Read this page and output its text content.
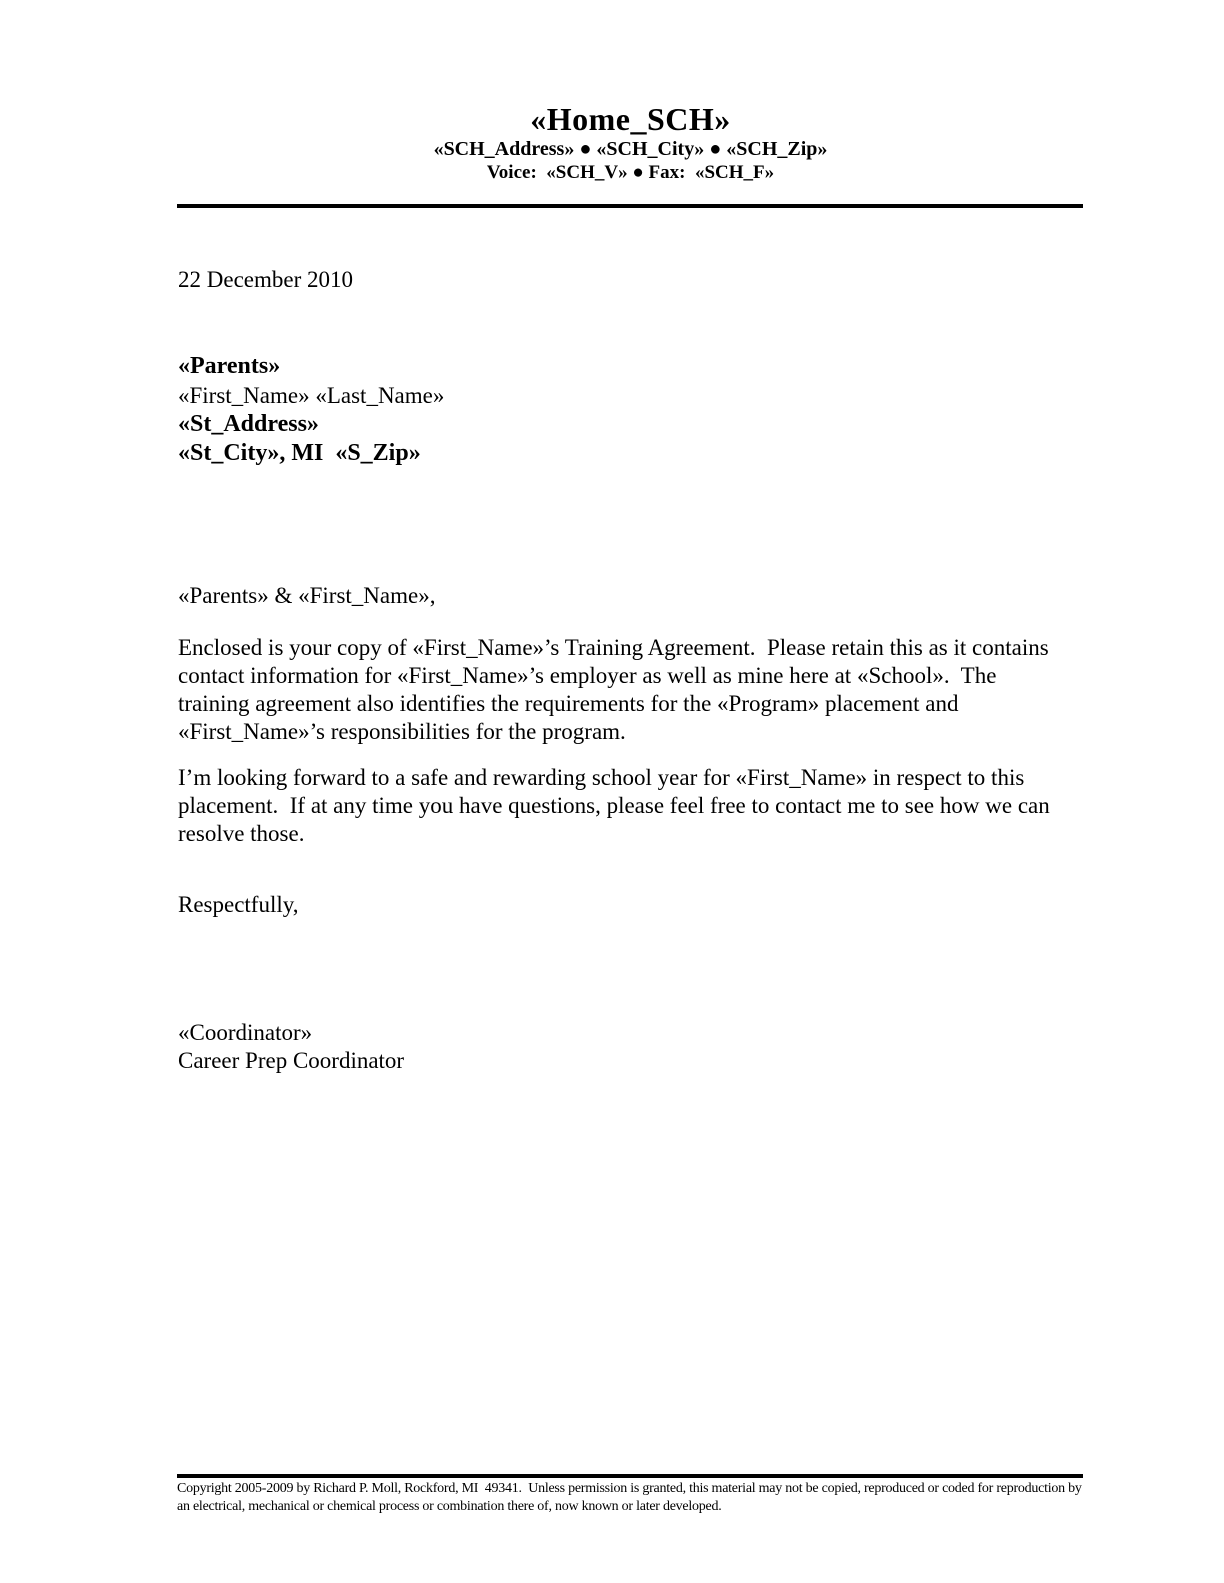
«Home_SCH»
«SCH_Address» ● «SCH_City» ● «SCH_Zip»
Voice:  «SCH_V» ● Fax:  «SCH_F»
22 December 2010
«Parents»
«First_Name» «Last_Name»
«St_Address»
«St_City», MI  «S_Zip»
«Parents» & «First_Name»,
Enclosed is your copy of «First_Name»’s Training Agreement.  Please retain this as it contains contact information for «First_Name»’s employer as well as mine here at «School».  The training agreement also identifies the requirements for the «Program» placement and «First_Name»’s responsibilities for the program.
I’m looking forward to a safe and rewarding school year for «First_Name» in respect to this placement.  If at any time you have questions, please feel free to contact me to see how we can resolve those.
Respectfully,
«Coordinator»
Career Prep Coordinator
Copyright 2005-2009 by Richard P. Moll, Rockford, MI  49341.  Unless permission is granted, this material may not be copied, reproduced or coded for reproduction by an electrical, mechanical or chemical process or combination there of, now known or later developed.
